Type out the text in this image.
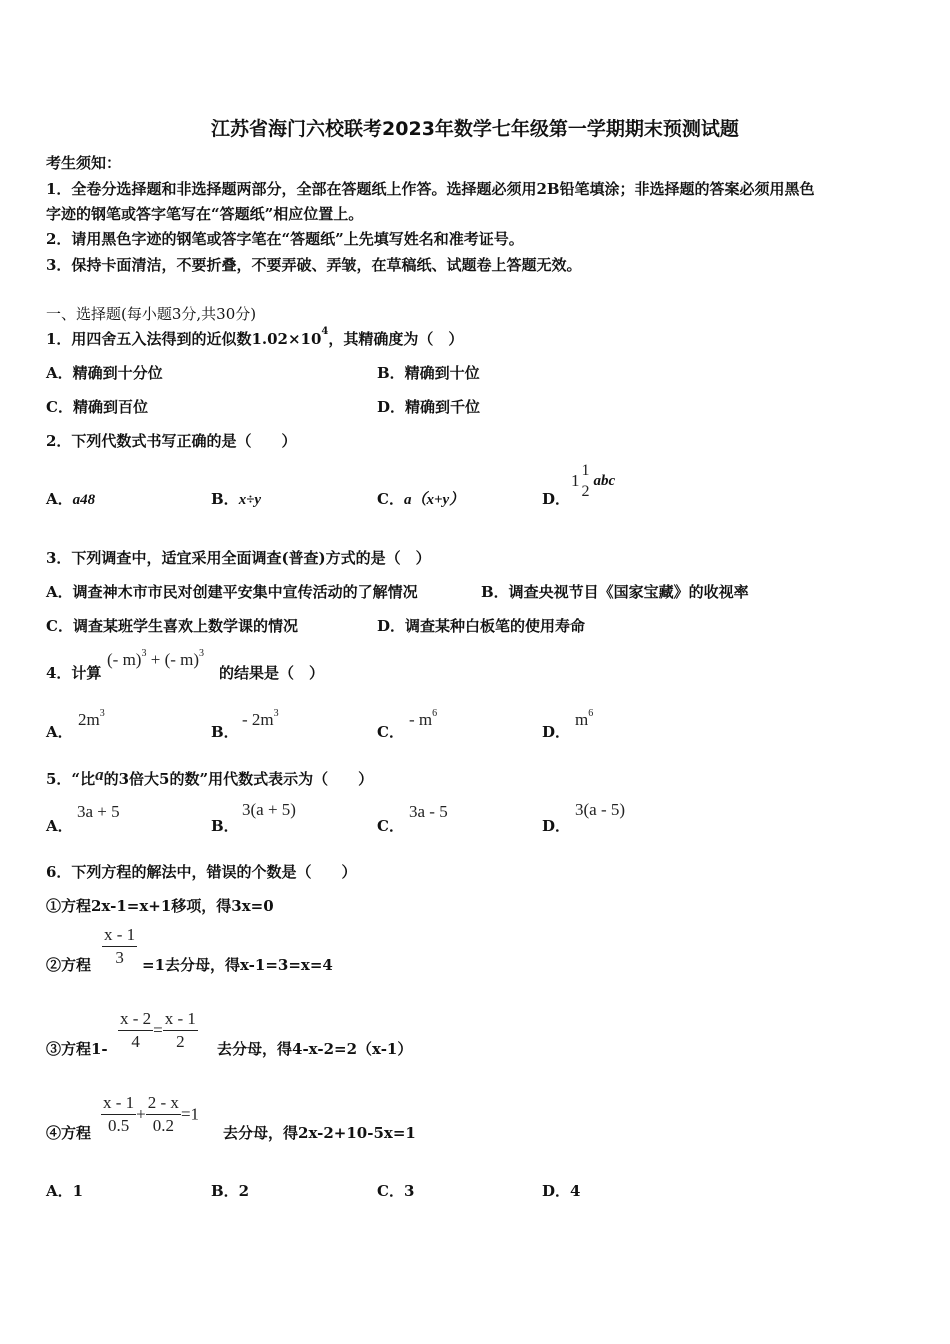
江苏省海门六校联考2023年数学七年级第一学期期末预测试题
考生须知：
1．全卷分选择题和非选择题两部分，全部在答题纸上作答。选择题必须用2B铅笔填涂；非选择题的答案必须用黑色
字迹的钢笔或答字笔写在“答题纸”相应位置上。
2．请用黑色字迹的钢笔或答字笔在“答题纸”上先填写姓名和准考证号。
3．保持卡面清洁，不要折叠，不要弄破、弄皱，在草稿纸、试题卷上答题无效。
一、选择题(每小题3分,共30分)
1．用四舍五入法得到的近似数$1.02\times 10^4$，其精确度为（　）
A．精确到十分位	B．精确到十位
C．精确到百位	D．精确到千位
2．下列代数式书写正确的是（　　）
A．a48	B．x÷y	C．a（x+y）	D．
1
1
2
abc
3．下列调查中，适宜采用全面调查(普查)方式的是（　）
A．调查神木市市民对创建平安集中宣传活动的了解情况	B．调查央视节目《国家宝藏》的收视率
C．调查某班学生喜欢上数学课的情况	D．调查某种白板笔的使用寿命
4．计算
(- m)$^3$ + (- m)$^3$
的结果是（　）
A．
$2m^3$
B．
- $2m^3$
C．
- $m^6$
D．
$m^6$
5．“比a的3倍大5的数”用代数式表示为（　　）
A．
3a + 5
B．
3(a + 5)
C．
3a - 5
D．
3(a - 5)
6．下列方程的解法中，错误的个数是（　　）
①方程2x-1=x+1移项，得3x=0
②方程 $\frac{x - 1}{3} =1$去分母，得x-1=3=x=4
③方程$1- \frac{x - 2}{4} = \frac{x - 1}{2}$ 去分母，得4-x-2=2（x-1）
④方程 $\frac{x - 1}{0.5} + \frac{2 - x}{0.2} =1$
去分母，得2x-2+10-5x=1
A．1	B．2	C．3	D．4
